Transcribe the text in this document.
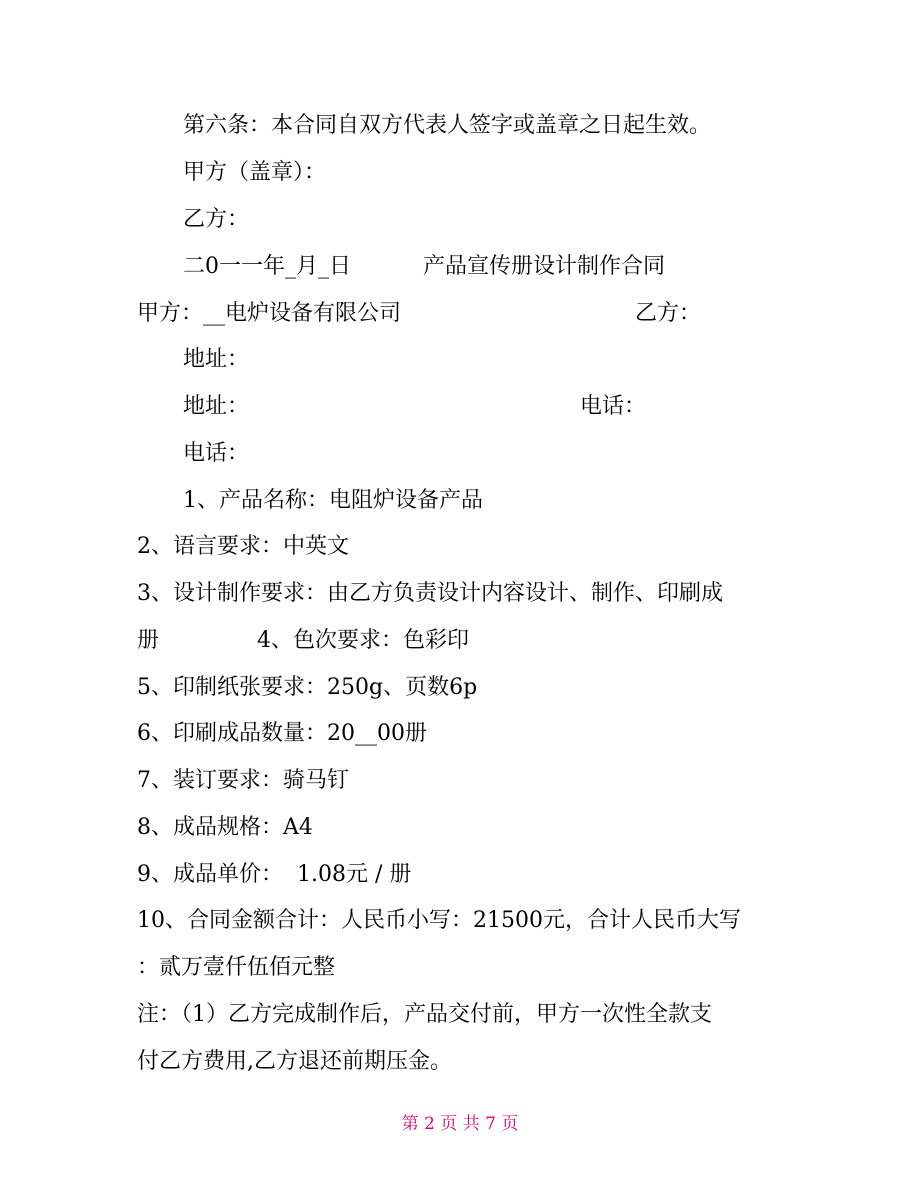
第六条：本合同自双方代表人签字或盖章之日起生效。
甲方（盖章）：
乙方：
二0一一年_月_日	产品宣传册设计制作合同
甲方：__电炉设备有限公司	乙方：
地址：
地址：	电话：
电话：
1、产品名称：电阻炉设备产品
2、语言要求：中英文
3、设计制作要求：由乙方负责设计内容设计、制作、印刷成
册	4、色次要求：色彩印
5、印制纸张要求：250g、页数6p
6、印刷成品数量：20__00册
7、装订要求：骑马钉
8、成品规格：A4
9、成品单价：  1.08元 / 册
10、合同金额合计：人民币小写：21500元，合计人民币大写
：贰万壹仟伍佰元整
注：（1）乙方完成制作后，产品交付前，甲方一次性全款支
付乙方费用,乙方退还前期压金。
第 2 页 共 7 页
